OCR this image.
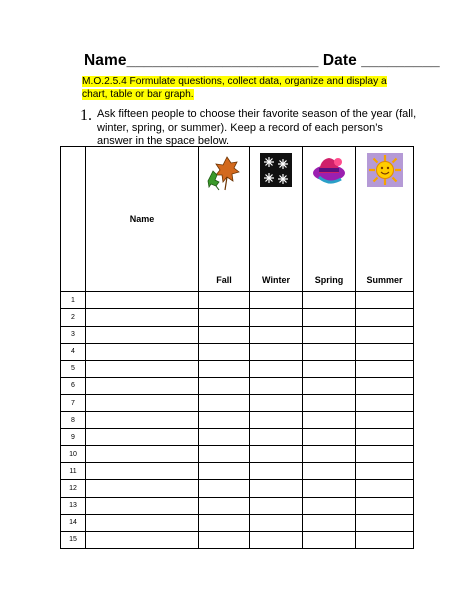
Name______________________ Date _________
M.O.2.5.4 Formulate questions, collect data, organize and display a chart, table or bar graph.
1. Ask fifteen people to choose their favorite season of the year (fall, winter, spring, or summer). Keep a record of each person’s answer in the space below.
	Name	Fall	Winter	Spring	Summer

1					
2					
3					
4					
5					
6					
7					
8					
9					
10					
11					
12					
13					
14					
15					
